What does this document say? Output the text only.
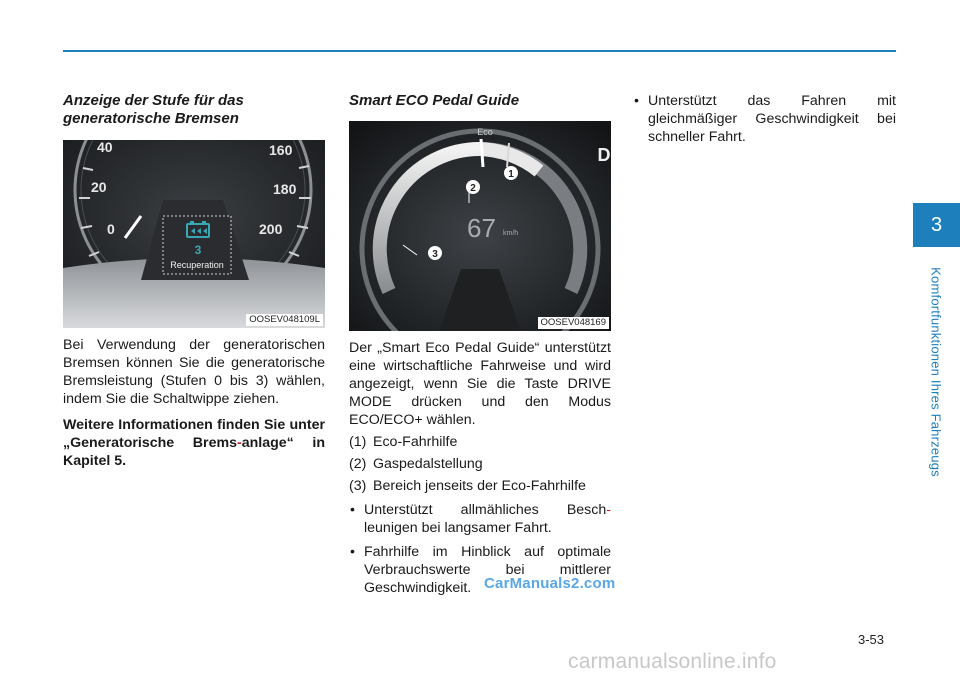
Anzeige der Stufe für das generatorische Bremsen
40
20
0
160
180
200
3
Recuperation
OOSEV048109L

Bei Verwendung der generatorischen Bremsen können Sie die generatorische Bremsleistung (Stufen 0 bis 3) wählen, indem Sie die Schaltwippe ziehen.

Weitere Informationen finden Sie unter „Generatorische Brems-anlage“ in Kapitel 5.

Smart ECO Pedal Guide
Eco
D
67 km/h
1
2
3
OOSEV048169

Der „Smart Eco Pedal Guide“ unterstützt eine wirtschaftliche Fahrweise und wird angezeigt, wenn Sie die Taste DRIVE MODE drücken und den Modus ECO/ECO+ wählen.

(1) Eco-Fahrhilfe
(2) Gaspedalstellung
(3) Bereich jenseits der Eco-Fahrhilfe
• Unterstützt allmähliches Besch-leunigen bei langsamer Fahrt.
• Fahrhilfe im Hinblick auf optimale Verbrauchswerte bei mittlerer Geschwindigkeit.
• Unterstützt das Fahren mit gleichmäßiger Geschwindigkeit bei schneller Fahrt.
CarManuals2.com
3
Komfortfunktionen Ihres Fahrzeugs
3-53
carmanualsonline.info
